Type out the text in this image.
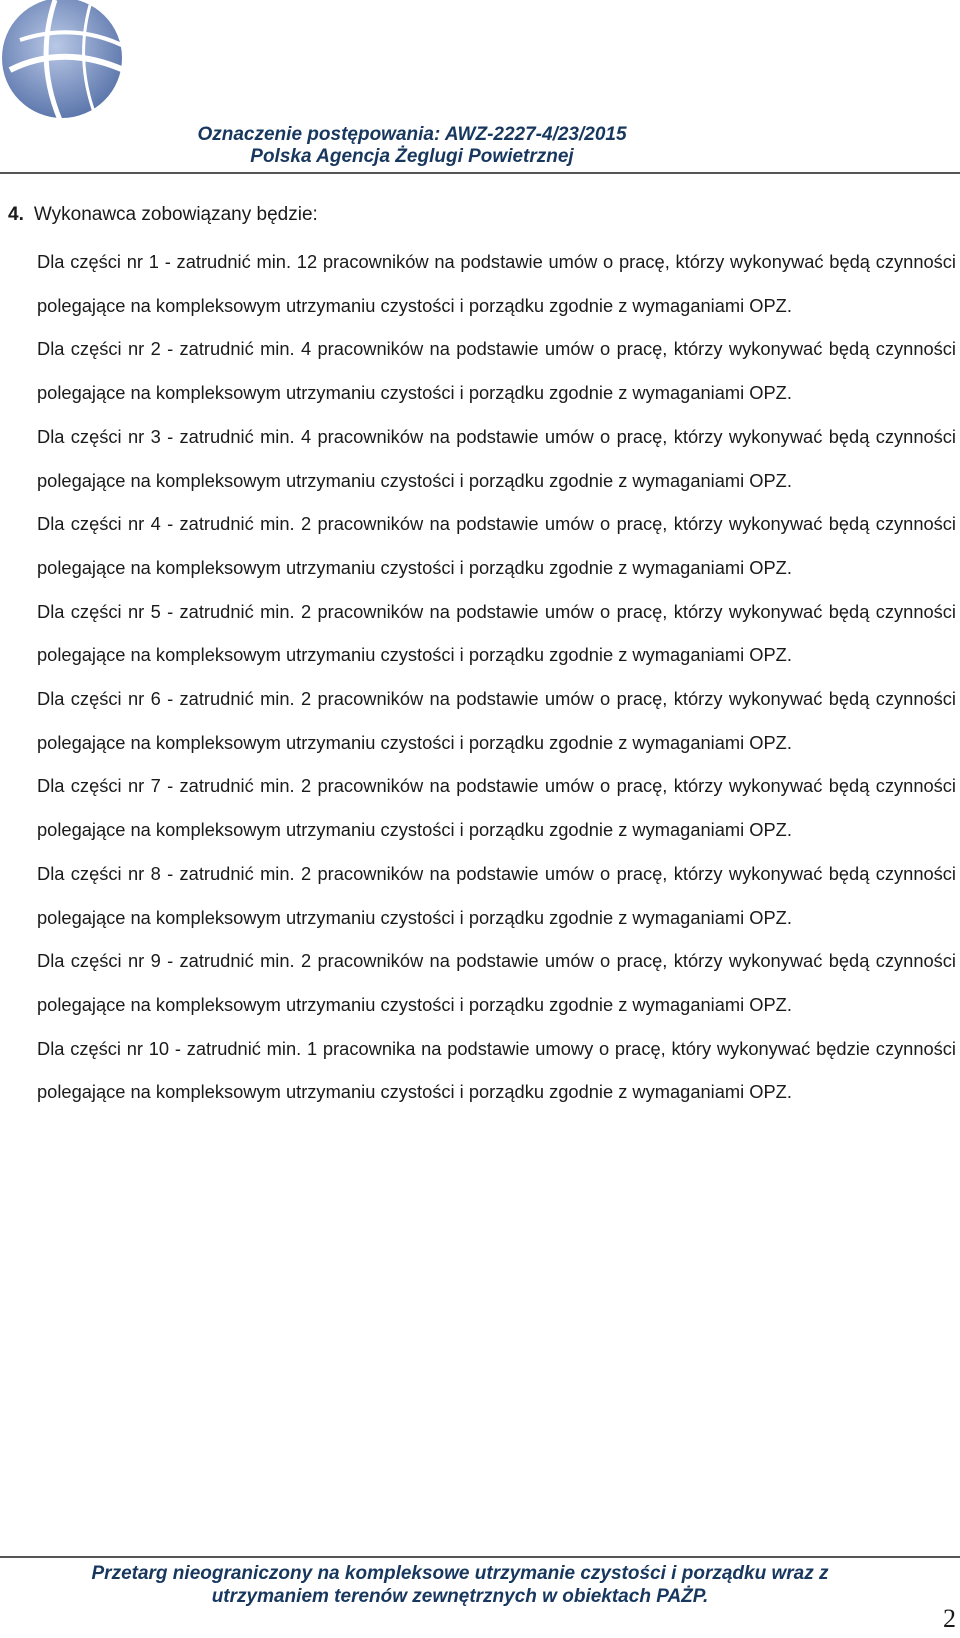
Oznaczenie postępowania: AWZ-2227-4/23/2015
Polska Agencja Żeglugi Powietrznej
4. Wykonawca zobowiązany będzie:

Dla części nr 1 - zatrudnić min. 12 pracowników na podstawie umów o pracę, którzy wykonywać będą czynności polegające na kompleksowym utrzymaniu czystości i porządku zgodnie z wymaganiami OPZ.

Dla części nr 2 - zatrudnić min. 4 pracowników na podstawie umów o pracę, którzy wykonywać będą czynności polegające na kompleksowym utrzymaniu czystości i porządku zgodnie z wymaganiami OPZ.

Dla części nr 3 - zatrudnić min. 4 pracowników na podstawie umów o pracę, którzy wykonywać będą czynności polegające na kompleksowym utrzymaniu czystości i porządku zgodnie z wymaganiami OPZ.

Dla części nr 4 - zatrudnić min. 2 pracowników na podstawie umów o pracę, którzy wykonywać będą czynności polegające na kompleksowym utrzymaniu czystości i porządku zgodnie z wymaganiami OPZ.

Dla części nr 5 - zatrudnić min. 2 pracowników na podstawie umów o pracę, którzy wykonywać będą czynności polegające na kompleksowym utrzymaniu czystości i porządku zgodnie z wymaganiami OPZ.

Dla części nr 6 - zatrudnić min. 2 pracowników na podstawie umów o pracę, którzy wykonywać będą czynności polegające na kompleksowym utrzymaniu czystości i porządku zgodnie z wymaganiami OPZ.

Dla części nr 7 - zatrudnić min. 2 pracowników na podstawie umów o pracę, którzy wykonywać będą czynności polegające na kompleksowym utrzymaniu czystości i porządku zgodnie z wymaganiami OPZ.

Dla części nr 8 - zatrudnić min. 2 pracowników na podstawie umów o pracę, którzy wykonywać będą czynności polegające na kompleksowym utrzymaniu czystości i porządku zgodnie z wymaganiami OPZ.

Dla części nr 9 - zatrudnić min. 2 pracowników na podstawie umów o pracę, którzy wykonywać będą czynności polegające na kompleksowym utrzymaniu czystości i porządku zgodnie z wymaganiami OPZ.

Dla części nr 10 - zatrudnić min. 1 pracownika na podstawie umowy o pracę, który wykonywać będzie czynności polegające na kompleksowym utrzymaniu czystości i porządku zgodnie z wymaganiami OPZ.

Przetarg nieograniczony na kompleksowe utrzymanie czystości i porządku wraz z
utrzymaniem terenów zewnętrznych w obiektach PAŻP.
2
